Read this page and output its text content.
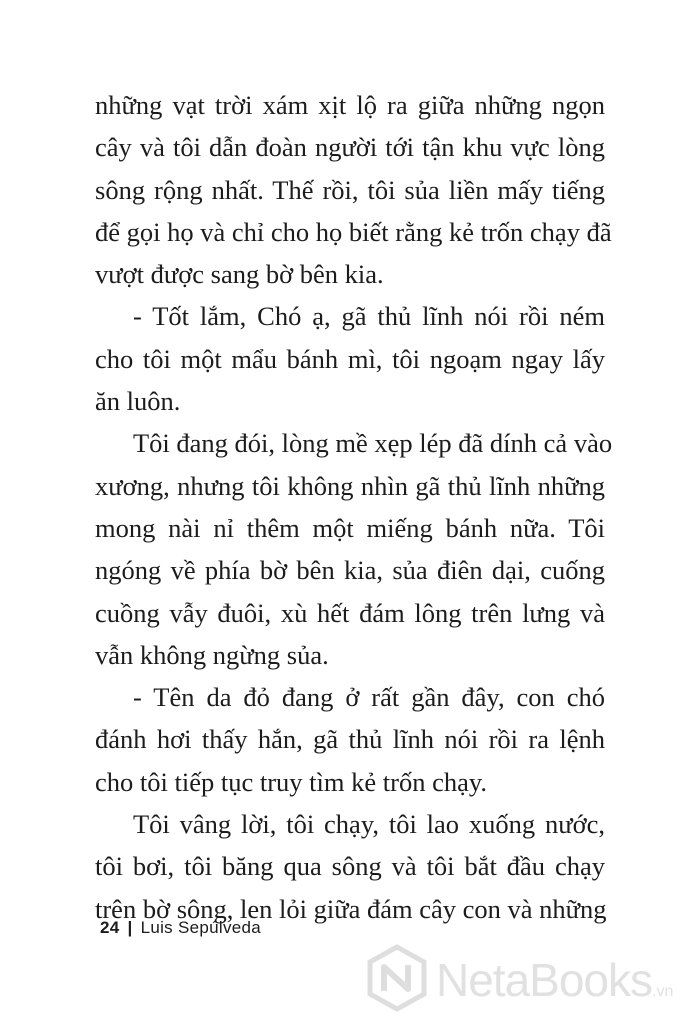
những vạt trời xám xịt lộ ra giữa những ngọn
cây và tôi dẫn đoàn người tới tận khu vực lòng
sông rộng nhất. Thế rồi, tôi sủa liền mấy tiếng
để gọi họ và chỉ cho họ biết rằng kẻ trốn chạy đã
vượt được sang bờ bên kia.
- Tốt lắm, Chó ạ, gã thủ lĩnh nói rồi ném
cho tôi một mẩu bánh mì, tôi ngoạm ngay lấy
ăn luôn.
Tôi đang đói, lòng mề xẹp lép đã dính cả vào
xương, nhưng tôi không nhìn gã thủ lĩnh những
mong nài nỉ thêm một miếng bánh nữa. Tôi
ngóng về phía bờ bên kia, sủa điên dại, cuống
cuồng vẫy đuôi, xù hết đám lông trên lưng và
vẫn không ngừng sủa.
- Tên da đỏ đang ở rất gần đây, con chó
đánh hơi thấy hắn, gã thủ lĩnh nói rồi ra lệnh
cho tôi tiếp tục truy tìm kẻ trốn chạy.
Tôi vâng lời, tôi chạy, tôi lao xuống nước,
tôi bơi, tôi băng qua sông và tôi bắt đầu chạy
trên bờ sông, len lỏi giữa đám cây con và những
24 | Luis Sepúlveda
NetaBooks.vn
